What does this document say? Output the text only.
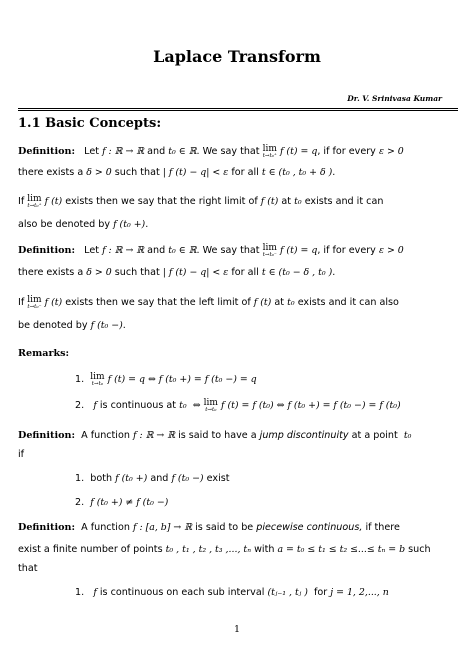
Laplace Transform
Dr. V. Srinivasa Kumar
1.1 Basic Concepts:
Definition: Let f : ℝ → ℝ and t₀ ∈ ℝ. We say that lim
t→t₀⁺ f (t) = q, if for every ε > 0
there exists a δ > 0 such that | f (t) − q| < ε for all t ∈ (t₀ , t₀ + δ ).
If lim
t→t₀⁺ f (t) exists then we say that the right limit of f (t) at t₀ exists and it can
also be denoted by f (t₀ +).
Definition: Let f : ℝ → ℝ and t₀ ∈ ℝ. We say that lim
t→t₀⁻ f (t) = q, if for every ε > 0
there exists a δ > 0 such that | f (t) − q| < ε for all t ∈ (t₀ − δ , t₀ ).
If lim
t→t₀⁻ f (t) exists then we say that the left limit of f (t) at t₀ exists and it can also
be denoted by f (t₀ −).
Remarks:
1. lim
t→t₀ f (t) = q ⇔ f (t₀ +) = f (t₀ −) = q
2. f is continuous at t₀ ⇔ lim
t→t₀ f (t) = f (t₀) ⇔ f (t₀ +) = f (t₀ −) = f (t₀)
Definition: A function f : ℝ → ℝ is said to have a jump discontinuity at a point t₀
if
1. both f (t₀ +) and f (t₀ −) exist
2. f (t₀ +) ≠ f (t₀ −)
Definition: A function f : [a, b] → ℝ is said to be piecewise continuous, if there
exist a finite number of points t₀ , t₁ , t₂ , t₃ ,..., tₙ with a = t₀ ≤ t₁ ≤ t₂ ≤...≤ tₙ = b such
that
1. f is continuous on each sub interval (tⱼ₋₁ , tⱼ ) for j = 1, 2,..., n
1
